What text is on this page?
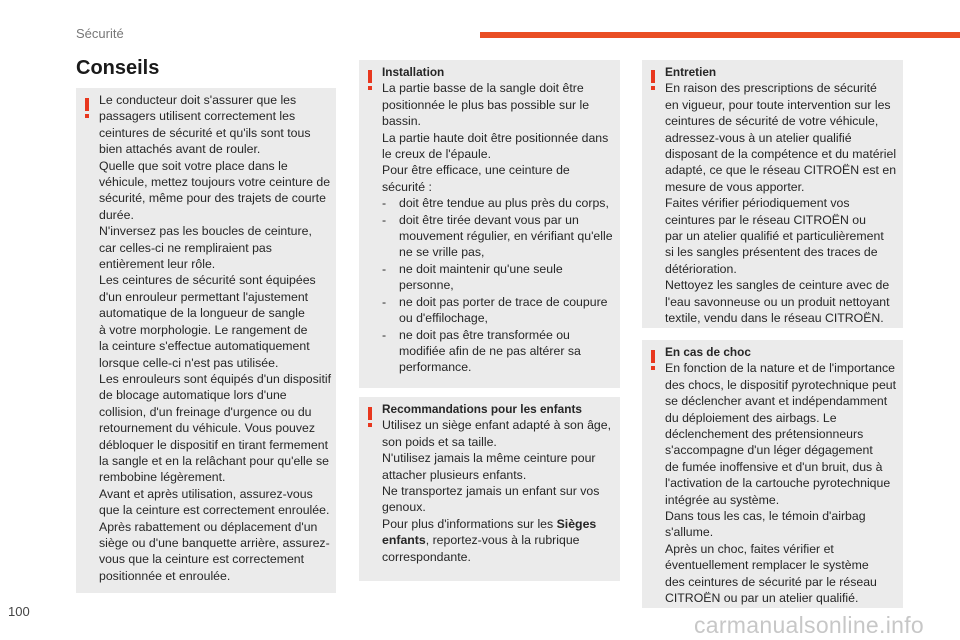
Sécurité
Conseils

Le conducteur doit s'assurer que les

passagers utilisent correctement les

ceintures de sécurité et qu'ils sont tous

bien attachés avant de rouler.

Quelle que soit votre place dans le

véhicule, mettez toujours votre ceinture de

sécurité, même pour des trajets de courte

durée.

N'inversez pas les boucles de ceinture,

car celles-ci ne rempliraient pas

entièrement leur rôle.

Les ceintures de sécurité sont équipées

d'un enrouleur permettant l'ajustement

automatique de la longueur de sangle

à votre morphologie. Le rangement de

la ceinture s'effectue automatiquement

lorsque celle-ci n'est pas utilisée.

Les enrouleurs sont équipés d'un dispositif

de blocage automatique lors d'une

collision, d'un freinage d'urgence ou du

retournement du véhicule. Vous pouvez

débloquer le dispositif en tirant fermement

la sangle et en la relâchant pour qu'elle se

rembobine légèrement.

Avant et après utilisation, assurez-vous

que la ceinture est correctement enroulée.

Après rabattement ou déplacement d'un

siège ou d'une banquette arrière, assurez-

vous que la ceinture est correctement

positionnée et enroulée.

Installation

La partie basse de la sangle doit être

positionnée le plus bas possible sur le

bassin.

La partie haute doit être positionnée dans

le creux de l'épaule.

Pour être efficace, une ceinture de

sécurité :

-	doit être tendue au plus près du corps,
-	doit être tirée devant vous par un
mouvement régulier, en vérifiant qu'elle
ne se vrille pas,
-	ne doit maintenir qu'une seule
personne,
-	ne doit pas porter de trace de coupure
ou d'effilochage,
-	ne doit pas être transformée ou
modifiée afin de ne pas altérer sa
performance.

Recommandations pour les enfants

Utilisez un siège enfant adapté à son âge,

son poids et sa taille.

N'utilisez jamais la même ceinture pour

attacher plusieurs enfants.

Ne transportez jamais un enfant sur vos

genoux.

Pour plus d'informations sur les Sièges

enfants, reportez-vous à la rubrique

correspondante.

Entretien

En raison des prescriptions de sécurité

en vigueur, pour toute intervention sur les

ceintures de sécurité de votre véhicule,

adressez-vous à un atelier qualifié

disposant de la compétence et du matériel

adapté, ce que le réseau CITROËN est en

mesure de vous apporter.

Faites vérifier périodiquement vos

ceintures par le réseau CITROËN ou

par un atelier qualifié et particulièrement

si les sangles présentent des traces de

détérioration.

Nettoyez les sangles de ceinture avec de

l'eau savonneuse ou un produit nettoyant

textile, vendu dans le réseau CITROËN.

En cas de choc

En fonction de la nature et de l'importance

des chocs, le dispositif pyrotechnique peut

se déclencher avant et indépendamment

du déploiement des airbags. Le

déclenchement des prétensionneurs

s'accompagne d'un léger dégagement

de fumée inoffensive et d'un bruit, dus à

l'activation de la cartouche pyrotechnique

intégrée au système.

Dans tous les cas, le témoin d'airbag

s'allume.

Après un choc, faites vérifier et

éventuellement remplacer le système

des ceintures de sécurité par le réseau

CITROËN ou par un atelier qualifié.

100
carmanualsonline.info
